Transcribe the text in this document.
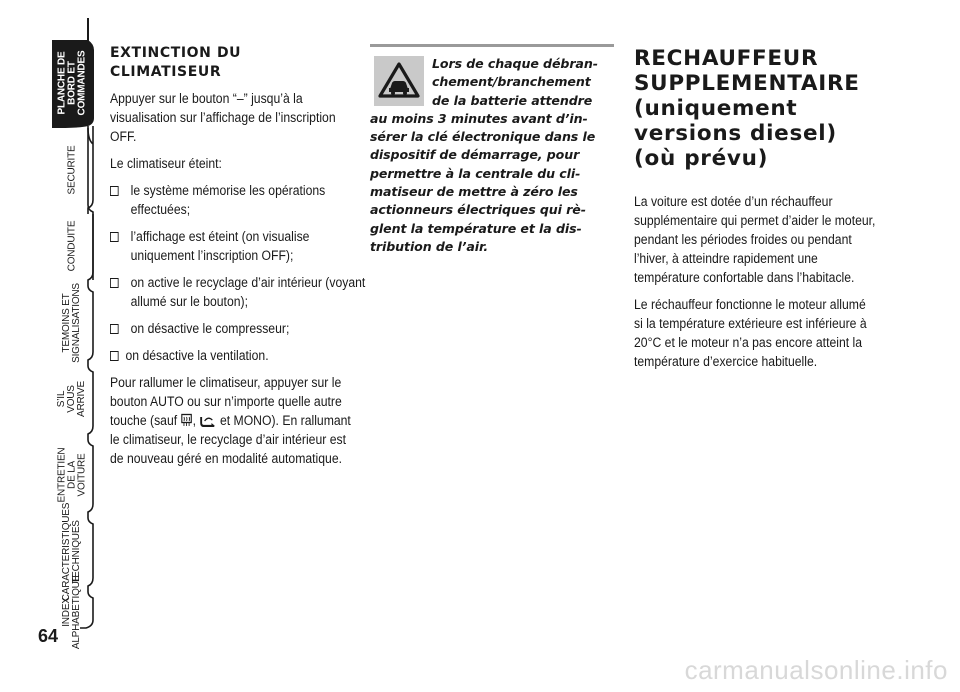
PLANCHE DE
BORD ET
COMMANDES
SECURITE
CONDUITE
TEMOINS ET
SIGNALISATIONS
S’IL VOUS
ARRIVE
ENTRETIEN
DE LA VOITURE
CARACTERISTIQUES
TECHNIQUES
INDEX
ALPHABETIQUE
64
EXTINCTION DU
CLIMATISEUR

Appuyer sur le bouton “–” jusqu’à la visualisation sur l’affichage de l’inscription OFF.

Le climatiseur éteint:

le système mémorise les opérations effectuées;
l’affichage est éteint (on visualise uniquement l’inscription OFF);
on active le recyclage d’air intérieur (voyant allumé sur le bouton);
on désactive le compresseur;
on désactive la ventilation.

Pour rallumer le climatiseur, appuyer sur le bouton AUTO ou sur n’importe quelle autre touche (sauf ,  et MONO). En rallumant le climatiseur, le recyclage d’air intérieur est de nouveau géré en modalité automatique.

Lors de chaque débran-
chement/branchement
de la batterie attendre
au moins 3 minutes avant d’in-
sérer la clé électronique dans le
dispositif de démarrage, pour
permettre à la centrale du cli-
matiseur de mettre à zéro les
actionneurs électriques qui rè-
glent la température et la dis-
tribution de l’air.

RECHAUFFEUR
SUPPLEMENTAIRE
(uniquement
versions diesel)
(où prévu)

La voiture est dotée d’un réchauffeur supplémentaire qui permet d’aider le moteur, pendant les périodes froides ou pendant l’hiver, à atteindre rapidement une température confortable dans l’habitacle.

Le réchauffeur fonctionne le moteur allumé si la température extérieure est inférieure à 20°C et le moteur n’a pas encore atteint la température d’exercice habituelle.

carmanualsonline.info
